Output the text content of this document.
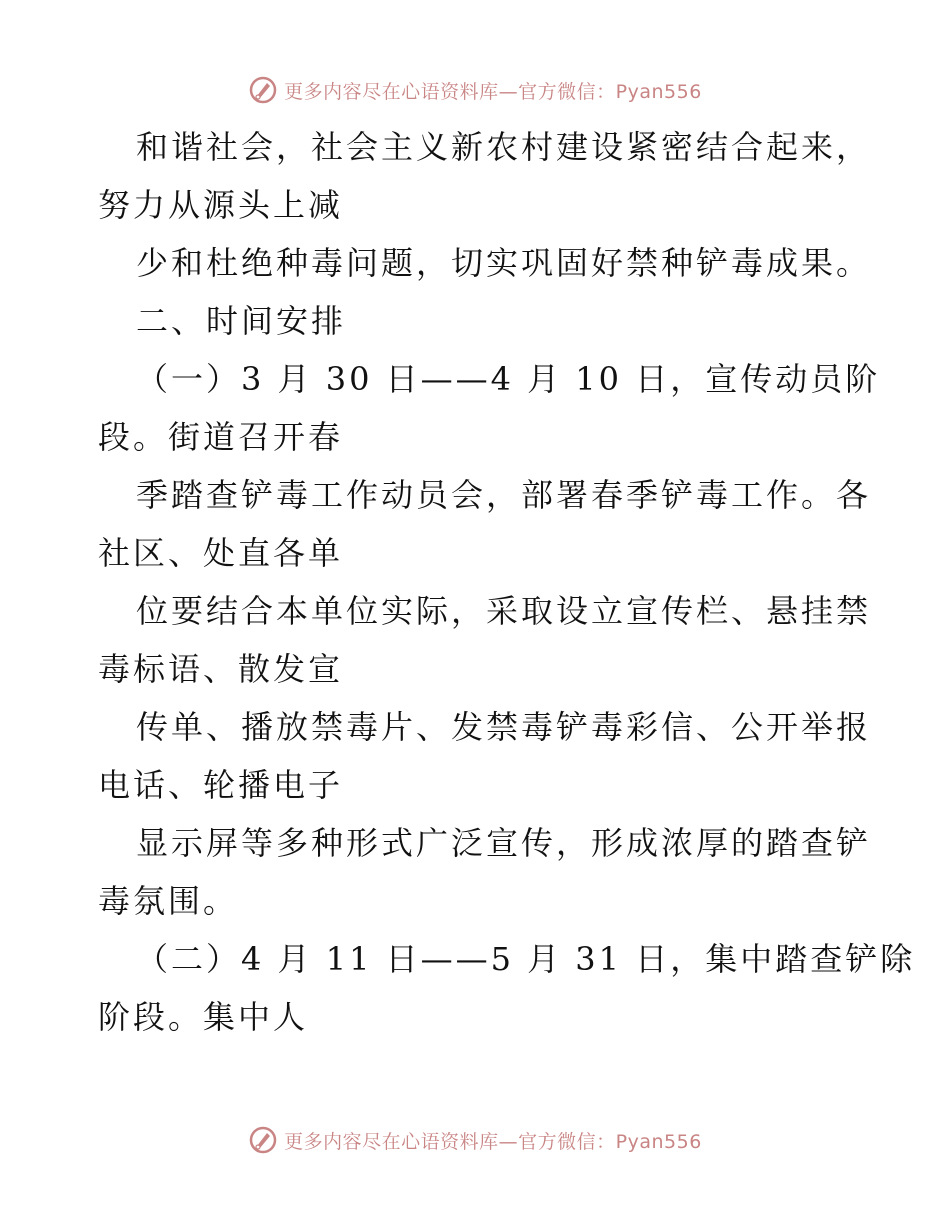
更多内容尽在心语资料库—官方微信：Pyan556
和谐社会，社会主义新农村建设紧密结合起来，
努力从源头上减
少和杜绝种毒问题，切实巩固好禁种铲毒成果。
二、时间安排
（一）3 月 30 日——4 月 10 日，宣传动员阶
段。街道召开春
季踏查铲毒工作动员会，部署春季铲毒工作。各
社区、处直各单
位要结合本单位实际，采取设立宣传栏、悬挂禁
毒标语、散发宣
传单、播放禁毒片、发禁毒铲毒彩信、公开举报
电话、轮播电子
显示屏等多种形式广泛宣传，形成浓厚的踏查铲
毒氛围。
（二）4 月 11 日——5 月 31 日，集中踏查铲除
阶段。集中人
更多内容尽在心语资料库—官方微信：Pyan556
